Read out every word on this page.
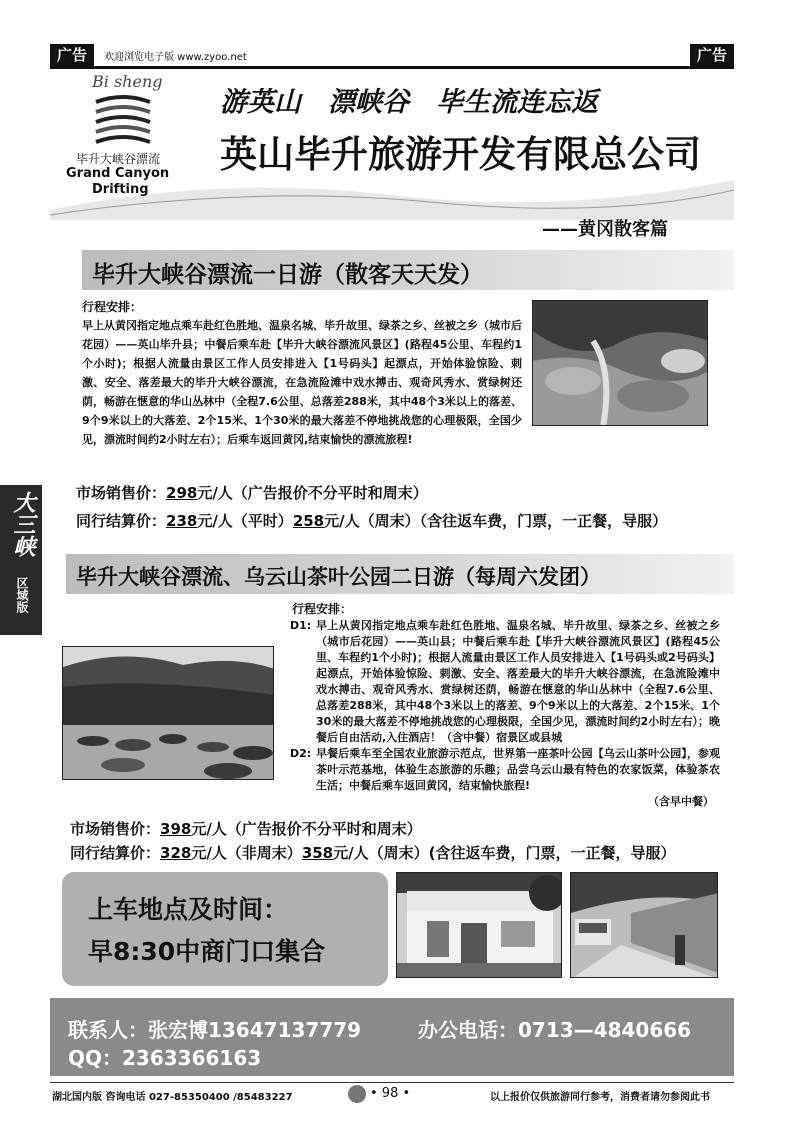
广告	欢迎浏览电子版 www.zyoo.net	广告
Bi sheng
毕升大峡谷漂流
Grand Canyon
Drifting
游英山　漂峡谷　毕生流连忘返
英山毕升旅游开发有限总公司
——黄冈散客篇
大三峡
区域版
毕升大峡谷漂流一日游（散客天天发）
行程安排：
早上从黄冈指定地点乘车赴红色胜地、温泉名城、毕升故里、绿茶之乡、丝被之乡（城市后花园）——英山毕升县；中餐后乘车赴【毕升大峡谷漂流风景区】(路程45公里、车程约1个小时)；根据人流量由景区工作人员安排进入【1号码头】起漂点，开始体验惊险、刺激、安全、落差最大的毕升大峡谷漂流，在急流险滩中戏水搏击、观奇风秀水、赏绿树还荫，畅游在惬意的华山丛林中（全程7.6公里、总落差288米，其中48个3米以上的落差、9个9米以上的大落差、2个15米、1个30米的最大落差不停地挑战您的心理极限，全国少见，漂流时间约2小时左右）；后乘车返回黄冈,结束愉快的漂流旅程!
市场销售价：298元/人（广告报价不分平时和周末）
同行结算价：238元/人（平时）258元/人（周末）（含往返车费，门票，一正餐，导服）
毕升大峡谷漂流、乌云山茶叶公园二日游（每周六发团）
行程安排：
D1: 早上从黄冈指定地点乘车赴红色胜地、温泉名城、毕升故里、绿茶之乡、丝被之乡（城市后花园）——英山县；中餐后乘车赴【毕升大峡谷漂流风景区】(路程45公里、车程约1个小时)；根据人流量由景区工作人员安排进入【1号码头或2号码头】起漂点，开始体验惊险、刺激、安全、落差最大的毕升大峡谷漂流，在急流险滩中戏水搏击、观奇风秀水、赏绿树还荫，畅游在惬意的华山丛林中（全程7.6公里、总落差288米，其中48个3米以上的落差、9个9米以上的大落差、2个15米、1个30米的最大落差不停地挑战您的心理极限，全国少见，漂流时间约2小时左右）；晚餐后自由活动,入住酒店！（含中餐）宿景区或县城
D2: 早餐后乘车至全国农业旅游示范点，世界第一座茶叶公园【乌云山茶叶公园】，参观茶叶示范基地，体验生态旅游的乐趣；品尝乌云山最有特色的农家饭菜，体验茶农生活；中餐后乘车返回黄冈，结束愉快旅程!
（含早中餐）
市场销售价：398元/人（广告报价不分平时和周末）
同行结算价：328元/人（非周末）358元/人（周末）(含往返车费，门票，一正餐，导服）
上车地点及时间：
早8:30中商门口集合
联系人：张宏博13647137779	办公电话：0713—4840666
QQ：2363366163
湖北国内版 咨询电话 027-85350400 /85483227	• 98 •	以上报价仅供旅游同行参考，消费者请勿参阅此书
